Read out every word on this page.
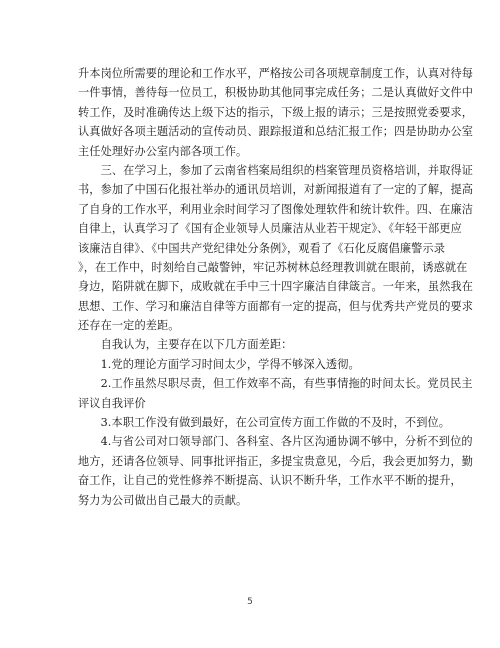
升本岗位所需要的理论和工作水平，严格按公司各项规章制度工作，认真对待每
一件事情，善待每一位员工，积极协助其他同事完成任务；二是认真做好文件中
转工作，及时准确传达上级下达的指示，下级上报的请示；三是按照党委要求，
认真做好各项主题活动的宣传动员、跟踪报道和总结汇报工作；四是协助办公室
主任处理好办公室内部各项工作。
　　三、在学习上，参加了云南省档案局组织的档案管理员资格培训，并取得证
书，参加了中国石化报社举办的通讯员培训，对新闻报道有了一定的了解，提高
了自身的工作水平，利用业余时间学习了图像处理软件和统计软件。四、在廉洁
自律上，认真学习了《国有企业领导人员廉洁从业若干规定》、《年轻干部更应
该廉洁自律》、《中国共产党纪律处分条例》，观看了《石化反腐倡廉警示录
》，在工作中，时刻给自己敲警钟，牢记苏树林总经理教训就在眼前，诱惑就在
身边，陷阱就在脚下，成败就在手中三十四字廉洁自律箴言。一年来，虽然我在
思想、工作、学习和廉洁自律等方面都有一定的提高，但与优秀共产党员的要求
还存在一定的差距。
　　自我认为，主要存在以下几方面差距：
　　1.党的理论方面学习时间太少，学得不够深入透彻。
　　2.工作虽然尽职尽责，但工作效率不高，有些事情拖的时间太长。党员民主
评议自我评价
　　3.本职工作没有做到最好，在公司宣传方面工作做的不及时，不到位。
　　4.与省公司对口领导部门、各科室、各片区沟通协调不够中，分析不到位的
地方，还请各位领导、同事批评指正，多提宝贵意见，今后，我会更加努力，勤
奋工作，让自己的党性修养不断提高、认识不断升华，工作水平不断的提升，
努力为公司做出自己最大的贡献。
5
